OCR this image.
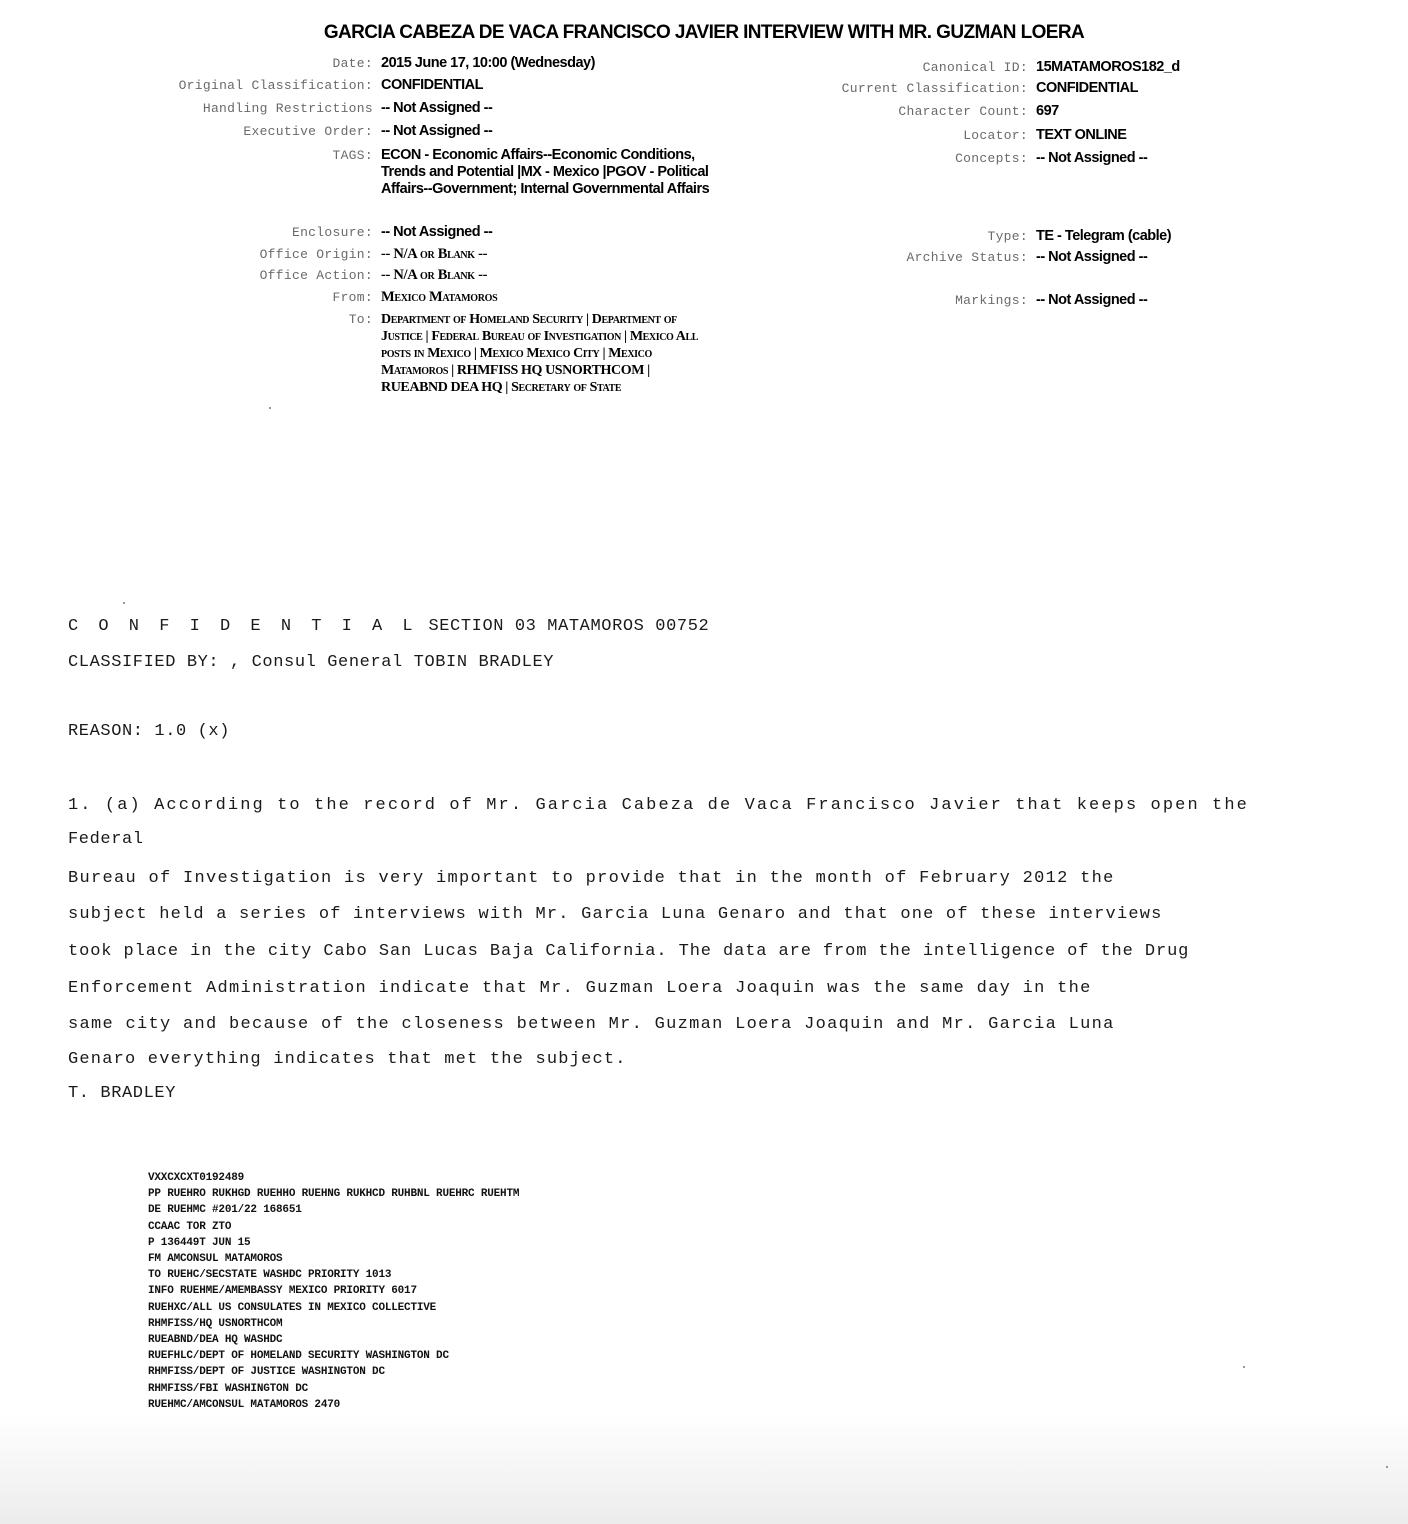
GARCIA CABEZA DE VACA FRANCISCO JAVIER INTERVIEW WITH MR. GUZMAN LOERA
Date: 2015 June 17, 10:00 (Wednesday)
Original Classification: CONFIDENTIAL
Handling Restrictions -- Not Assigned --
Executive Order: -- Not Assigned --
TAGS: ECON - Economic Affairs--Economic Conditions, Trends and Potential |MX - Mexico |PGOV - Political Affairs--Government; Internal Governmental Affairs
Enclosure: -- Not Assigned --
Office Origin: -- N/A or Blank --
Office Action: -- N/A or Blank --
From: Mexico Matamoros
To: Department of Homeland Security | Department of Justice | Federal Bureau of Investigation | Mexico All posts in Mexico | Mexico Mexico City | Mexico Matamoros | RHMFISS HQ USNORTHCOM | RUEABND DEA HQ | Secretary of State
Canonical ID: 15MATAMOROS182_d
Current Classification: CONFIDENTIAL
Character Count: 697
Locator: TEXT ONLINE
Concepts: -- Not Assigned --
Type: TE - Telegram (cable)
Archive Status: -- Not Assigned --
Markings: -- Not Assigned --
C O N F I D E N T I A L SECTION 03 MATAMOROS 00752
CLASSIFIED BY: , Consul General TOBIN BRADLEY
REASON: 1.0 (x)
1. (a) According to the record of Mr. Garcia Cabeza de Vaca Francisco Javier that keeps open the
Federal
Bureau of Investigation is very important to provide that in the month of February 2012 the
subject held a series of interviews with Mr. Garcia Luna Genaro and that one of these interviews
took place in the city Cabo San Lucas Baja California. The data are from the intelligence of the Drug
Enforcement Administration indicate that Mr. Guzman Loera Joaquin was the same day in the
same city and because of the closeness between Mr. Guzman Loera Joaquin and Mr. Garcia Luna
Genaro everything indicates that met the subject.
T. BRADLEY
VXXCXCXT0192489
PP RUEHRO RUKHGD RUEHHO RUEHNG RUKHCD RUHBNL RUEHRC RUEHTM
DE RUEHMC #201/22 168651
CCAAC TOR ZTO
P 136449T JUN 15
FM AMCONSUL MATAMOROS
TO RUEHC/SECSTATE WASHDC PRIORITY 1013
INFO RUEHME/AMEMBASSY MEXICO PRIORITY 6017
RUEHXC/ALL US CONSULATES IN MEXICO COLLECTIVE
RHMFISS/HQ USNORTHCOM
RUEABND/DEA HQ WASHDC
RUEFHLC/DEPT OF HOMELAND SECURITY WASHINGTON DC
RHMFISS/DEPT OF JUSTICE WASHINGTON DC
RHMFISS/FBI WASHINGTON DC
RUEHMC/AMCONSUL MATAMOROS 2470
